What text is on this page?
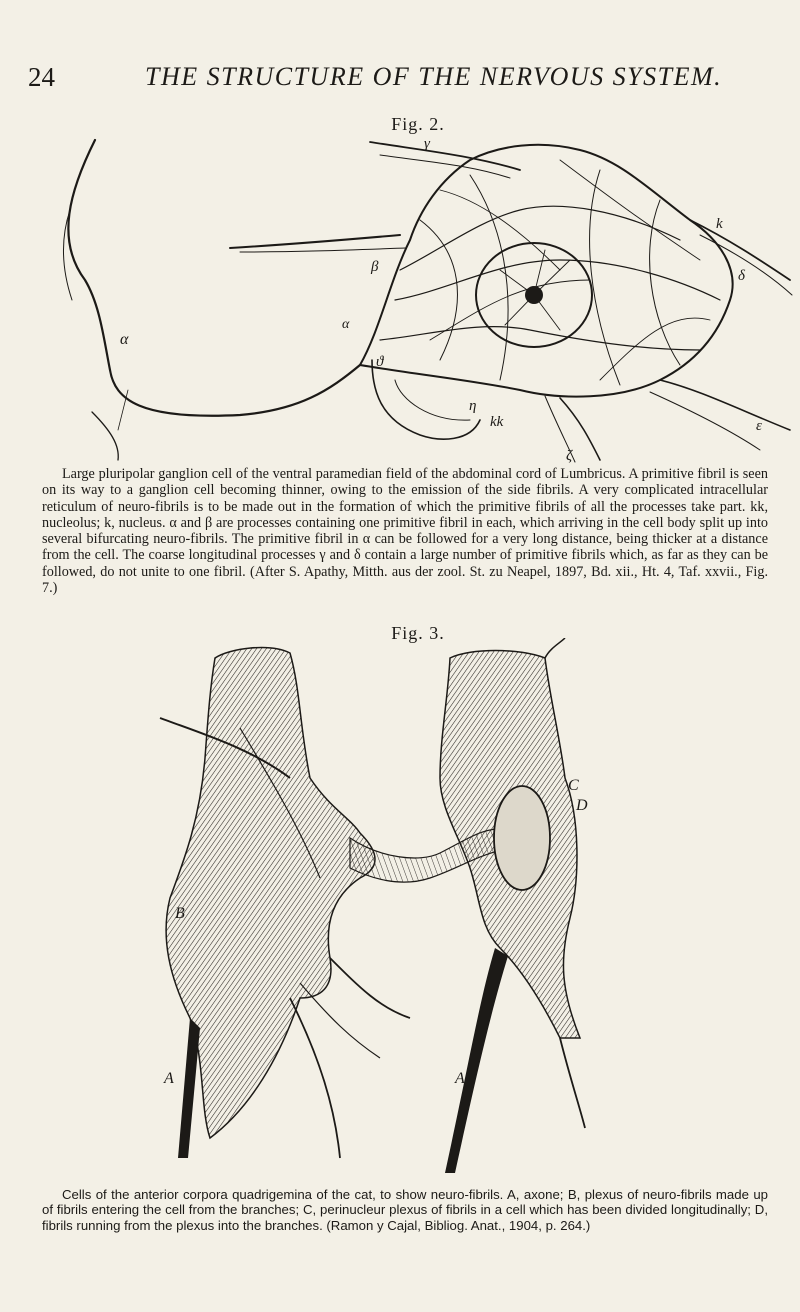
24	THE STRUCTURE OF THE NERVOUS SYSTEM.
Fig. 2.
γ
k
β
δ
α
α
ϑ
η
kk	ε
ζ

Large pluripolar ganglion cell of the ventral paramedian field of the abdominal cord of Lumbricus. A primitive fibril is seen on its way to a ganglion cell becoming thinner, owing to the emission of the side fibrils. A very complicated intracellular reticulum of neuro-fibrils is to be made out in the formation of which the primitive fibrils of all the processes take part. kk, nucleolus; k, nucleus. α and β are processes containing one primitive fibril in each, which arriving in the cell body split up into several bifurcating neuro-fibrils. The primitive fibril in α can be followed for a very long distance, being thicker at a distance from the cell. The coarse longitudinal processes γ and δ contain a large number of primitive fibrils which, as far as they can be followed, do not unite to one fibril. (After S. Apathy, Mitth. aus der zool. St. zu Neapel, 1897, Bd. xii., Ht. 4, Taf. xxvii., Fig. 7.)

Fig. 3.
C
D
B
A	A

Cells of the anterior corpora quadrigemina of the cat, to show neuro-fibrils. A, axone; B, plexus of neuro-fibrils made up of fibrils entering the cell from the branches; C, perinucleur plexus of fibrils in a cell which has been divided longitudinally; D, fibrils running from the plexus into the branches. (Ramon y Cajal, Bibliog. Anat., 1904, p. 264.)
